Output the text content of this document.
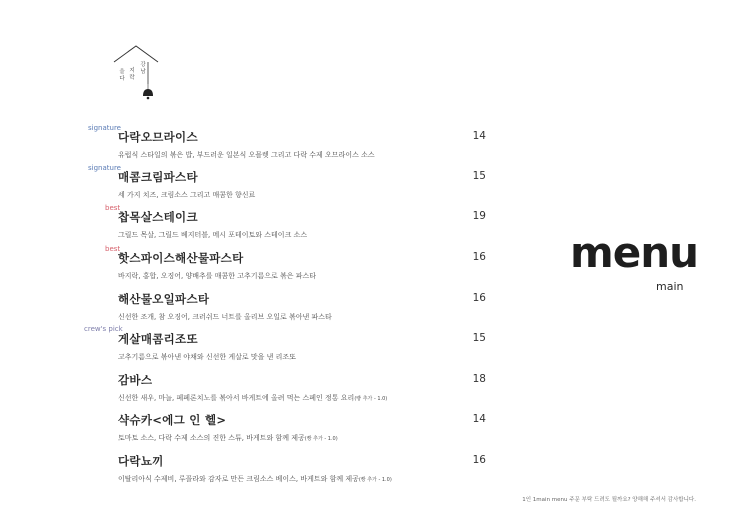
을다
지락
강남
signature
다락오므라이스	14
유럽식 스타일의 볶은 밥, 부드러운 일본식 오믈렛 그리고 다락 수제 오므라이스 소스
signature
매콤크림파스타	15
세 가지 치즈, 크림소스 그리고 매콤한 향신료
best
찹목살스테이크	19
그릴드 목살, 그릴드 베지터블, 메시 포테이토와 스테이크 소스
best
핫스파이스해산물파스타	16
바지락, 홍합, 오징어, 양배추를 매콤한 고추기름으로 볶은 파스타
해산물오일파스타	16
신선한 조개, 참 오징어, 크러쉬드 너트를 올리브 오일로 볶아낸 파스타
crew's pick
게살매콤리조또	15
고추기름으로 볶아낸 야채와 신선한 게살로 맛을 낸 리조또
감바스	18
신선한 새우, 마늘, 페페론치노를 볶아서 바게트에 올려 먹는 스페인 정통 요리(빵 추가 - 1.0)
샥슈카<에그 인 헬>	14
토마토 소스, 다락 수제 소스의 진한 스튜, 바게트와 함께 제공(빵 추가 - 1.0)
다락뇨끼	16
이탈리아식 수제비, 루꼴라와 감자로 만든 크림소스 베이스, 바게트와 함께 제공(빵 추가 - 1.0)
menu
main
1인 1main menu 주문 부탁 드려도 될까요? 양해해 주셔서 감사합니다.
